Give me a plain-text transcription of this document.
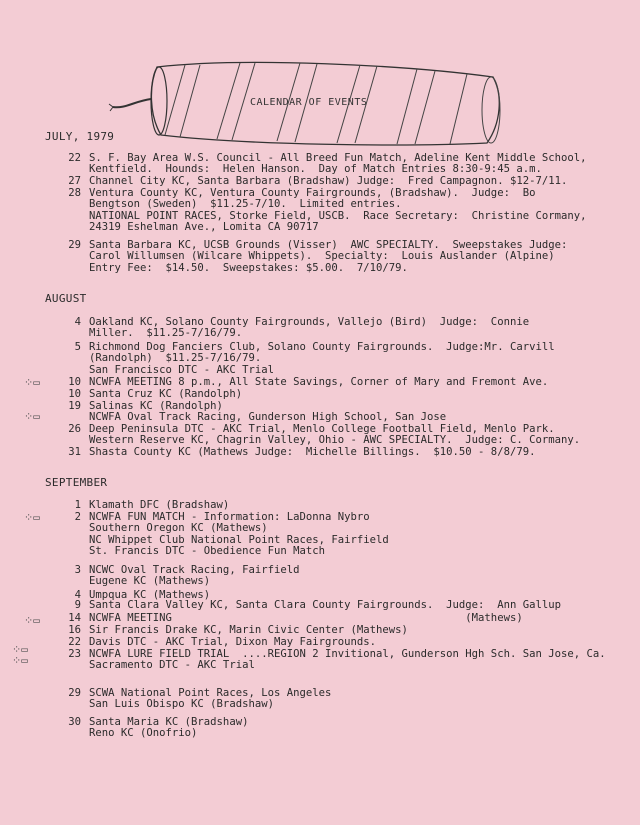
CALENDAR OF EVENTS
JULY, 1979
22 S. F. Bay Area W.S. Council - All Breed Fun Match, Adeline Kent Middle School,
Kentfield.  Hounds:  Helen Hanson.  Day of Match Entries 8:30-9:45 a.m.
27 Channel City KC, Santa Barbara (Bradshaw) Judge:  Fred Campagnon. $12-7/11.
28 Ventura County KC, Ventura County Fairgrounds, (Bradshaw).  Judge:  Bo
Bengtson (Sweden)  $11.25-7/10.  Limited entries.
NATIONAL POINT RACES, Storke Field, USCB.  Race Secretary:  Christine Cormany,
24319 Eshelman Ave., Lomita CA 90717
29 Santa Barbara KC, UCSB Grounds (Visser)  AWC SPECIALTY.  Sweepstakes Judge:
Carol Willumsen (Wilcare Whippets).  Specialty:  Louis Auslander (Alpine)
Entry Fee:  $14.50.  Sweepstakes: $5.00.  7/10/79.
AUGUST
4 Oakland KC, Solano County Fairgrounds, Vallejo (Bird)  Judge:  Connie
Miller.  $11.25-7/16/79.
5 Richmond Dog Fanciers Club, Solano County Fairgrounds.  Judge:Mr. Carvill
(Randolph)  $11.25-7/16/79.
San Francisco DTC - AKC Trial
10 NCWFA MEETING 8 p.m., All State Savings, Corner of Mary and Fremont Ave.
10 Santa Cruz KC (Randolph)
19 Salinas KC (Randolph)
NCWFA Oval Track Racing, Gunderson High School, San Jose
26 Deep Peninsula DTC - AKC Trial, Menlo College Football Field, Menlo Park.
Western Reserve KC, Chagrin Valley, Ohio - AWC SPECIALTY.  Judge: C. Cormany.
31 Shasta County KC (Mathews Judge:  Michelle Billings.  $10.50 - 8/8/79.
SEPTEMBER
1 Klamath DFC (Bradshaw)
2 NCWFA FUN MATCH - Information: LaDonna Nybro
Southern Oregon KC (Mathews)
NC Whippet Club National Point Races, Fairfield
St. Francis DTC - Obedience Fun Match
3 NCWC Oval Track Racing, Fairfield
Eugene KC (Mathews)
4 Umpqua KC (Mathews)
9 Santa Clara Valley KC, Santa Clara County Fairgrounds.  Judge:  Ann Gallup
14 NCWFA MEETING                                              (Mathews)
16 Sir Francis Drake KC, Marin Civic Center (Mathews)
22 Davis DTC - AKC Trial, Dixon May Fairgrounds.
23 NCWFA LURE FIELD TRIAL  ....REGION 2 Invitional, Gunderson Hgh Sch. San Jose, Ca.
Sacramento DTC - AKC Trial
29 SCWA National Point Races, Los Angeles
San Luis Obispo KC (Bradshaw)
30 Santa Maria KC (Bradshaw)
Reno KC (Onofrio)
⁘▭
⁘▭
⁘▭
⁘▭
⁘▭
⁘▭
